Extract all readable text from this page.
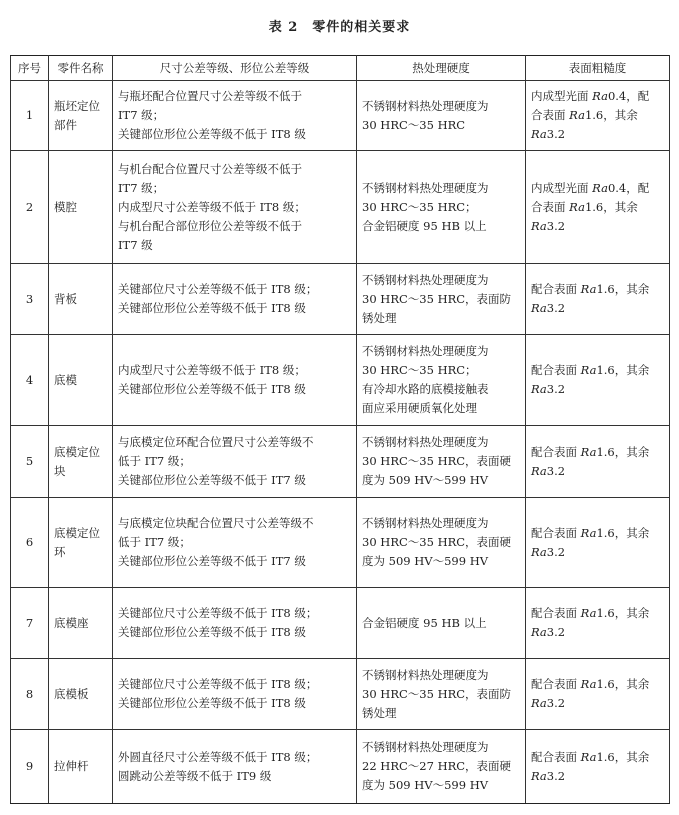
表 2 零件的相关要求
序号	零件名称	尺寸公差等级、形位公差等级	热处理硬度	表面粗糙度
1	瓶坯定位
部件	与瓶坯配合位置尺寸公差等级不低于
IT7 级；
关键部位形位公差等级不低于 IT8 级	不锈钢材料热处理硬度为
30 HRC～35 HRC	内成型光面 Ra0.4，配
合表面 Ra1.6，其余
Ra3.2

2	模腔	与机台配合位置尺寸公差等级不低于
IT7 级；
内成型尺寸公差等级不低于 IT8 级；
与机台配合部位形位公差等级不低于
IT7 级	不锈钢材料热处理硬度为
30 HRC～35 HRC；
合金铝硬度 95 HB 以上	内成型光面 Ra0.4，配
合表面 Ra1.6，其余
Ra3.2

3	背板	关键部位尺寸公差等级不低于 IT8 级；
关键部位形位公差等级不低于 IT8 级	不锈钢材料热处理硬度为
30 HRC～35 HRC，表面防
锈处理	配合表面 Ra1.6，其余
Ra3.2

4	底模	内成型尺寸公差等级不低于 IT8 级；
关键部位形位公差等级不低于 IT8 级	不锈钢材料热处理硬度为
30 HRC～35 HRC；
有冷却水路的底模接触表
面应采用硬质氧化处理	配合表面 Ra1.6，其余
Ra3.2

5	底模定位
块	与底模定位环配合位置尺寸公差等级不
低于 IT7 级；
关键部位形位公差等级不低于 IT7 级	不锈钢材料热处理硬度为
30 HRC～35 HRC，表面硬
度为 509 HV～599 HV	配合表面 Ra1.6，其余
Ra3.2

6	底模定位
环	与底模定位块配合位置尺寸公差等级不
低于 IT7 级；
关键部位形位公差等级不低于 IT7 级	不锈钢材料热处理硬度为
30 HRC～35 HRC，表面硬
度为 509 HV～599 HV	配合表面 Ra1.6，其余
Ra3.2

7	底模座	关键部位尺寸公差等级不低于 IT8 级；
关键部位形位公差等级不低于 IT8 级	合金铝硬度 95 HB 以上	配合表面 Ra1.6，其余
Ra3.2

8	底模板	关键部位尺寸公差等级不低于 IT8 级；
关键部位形位公差等级不低于 IT8 级	不锈钢材料热处理硬度为
30 HRC～35 HRC，表面防
锈处理	配合表面 Ra1.6，其余
Ra3.2

9	拉伸杆	外圆直径尺寸公差等级不低于 IT8 级；
圆跳动公差等级不低于 IT9 级	不锈钢材料热处理硬度为
22 HRC～27 HRC，表面硬
度为 509 HV～599 HV	配合表面 Ra1.6，其余
Ra3.2
